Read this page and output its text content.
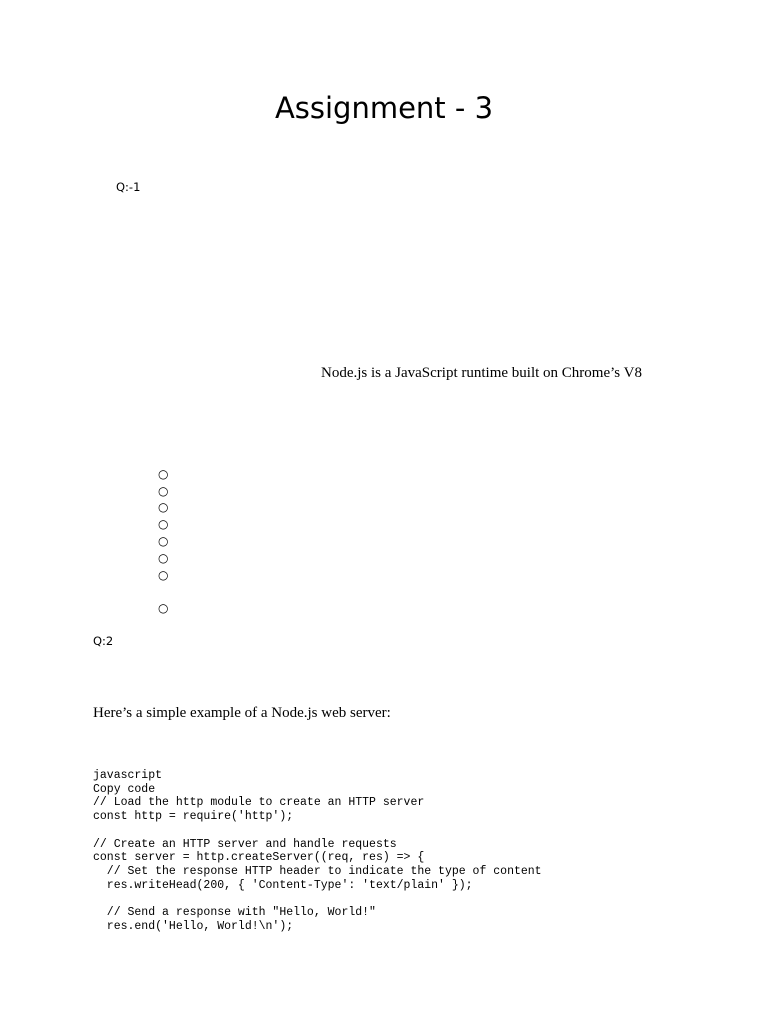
Assignment - 3
Q:-1
Node.js is a JavaScript runtime built on Chrome’s V8
○
○
○
○
○
○
○
○
Q:2
Here’s a simple example of a Node.js web server:
javascript
Copy code
// Load the http module to create an HTTP server
const http = require('http');

// Create an HTTP server and handle requests
const server = http.createServer((req, res) => {
// Set the response HTTP header to indicate the type of content
res.writeHead(200, { 'Content-Type': 'text/plain' });

// Send a response with "Hello, World!"
res.end('Hello, World!\n');
